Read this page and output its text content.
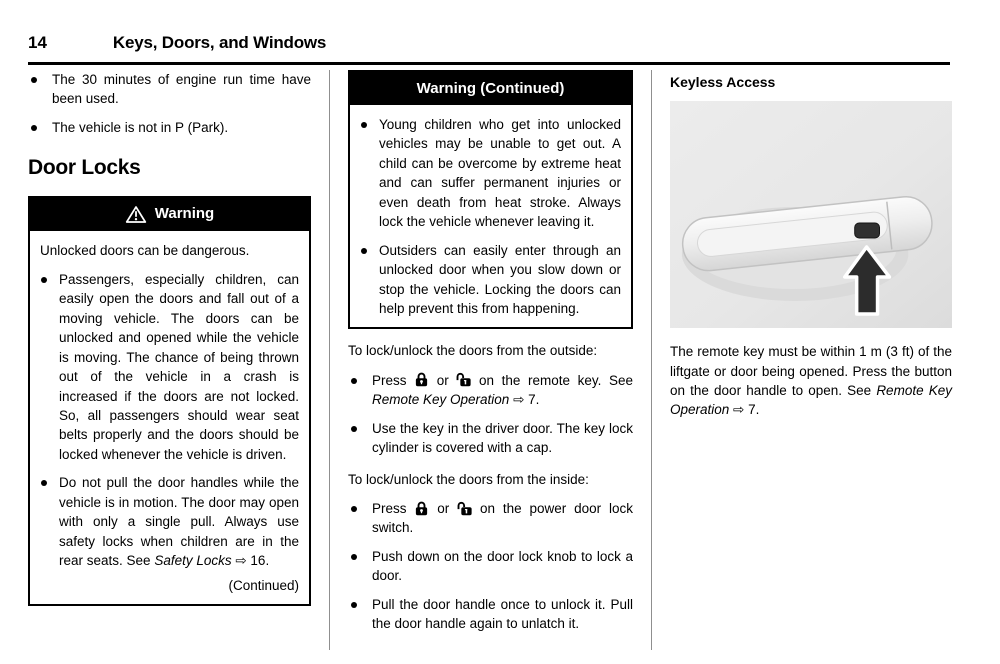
14	Keys, Doors, and Windows
The 30 minutes of engine run time have been used.
The vehicle is not in P (Park).
Door Locks
Warning

Unlocked doors can be dangerous.

Passengers, especially children, can easily open the doors and fall out of a moving vehicle. The doors can be unlocked and opened while the vehicle is moving. The chance of being thrown out of the vehicle in a crash is increased if the doors are not locked. So, all passengers should wear seat belts properly and the doors should be locked whenever the vehicle is driven.
Do not pull the door handles while the vehicle is in motion. The door may open with only a single pull. Always use safety locks when children are in the rear seats. See Safety Locks ⇨ 16.

(Continued)

Warning (Continued)
Young children who get into unlocked vehicles may be unable to get out. A child can be overcome by extreme heat and can suffer permanent injuries or even death from heat stroke. Always lock the vehicle whenever leaving it.
Outsiders can easily enter through an unlocked door when you slow down or stop the vehicle. Locking the doors can help prevent this from happening.

To lock/unlock the doors from the outside:

Press
or
on the remote key. See Remote Key Operation ⇨ 7.
Use the key in the driver door. The key lock cylinder is covered with a cap.

To lock/unlock the doors from the inside:

Press
or
on the power door lock switch.
Push down on the door lock knob to lock a door.
Pull the door handle once to unlock it. Pull the door handle again to unlatch it.
Keyless Access

The remote key must be within 1 m (3 ft) of the liftgate or door being opened. Press the button on the door handle to open. See Remote Key Operation ⇨ 7.
